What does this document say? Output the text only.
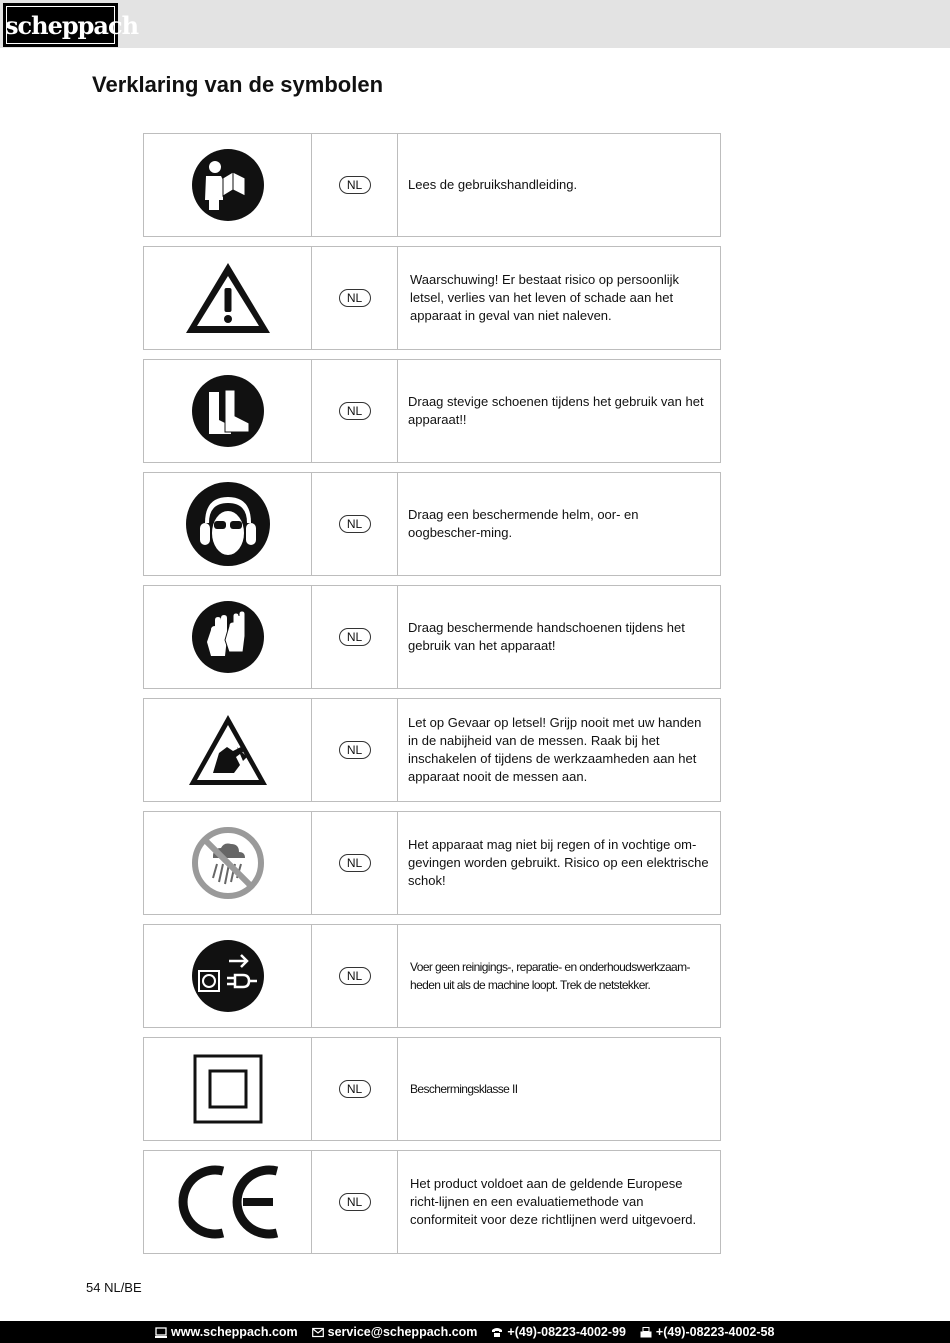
scheppach
Verklaring van de symbolen
NL	Lees de gebruikshandleiding.
NL
Waarschuwing! Er bestaat risico op persoonlijk letsel, verlies van het leven of schade aan het apparaat in geval van niet naleven.
NL
Draag stevige schoenen tijdens het gebruik van het apparaat!!
NL
Draag een beschermende helm, oor- en oogbescher-ming.
NL
Draag beschermende handschoenen tijdens het gebruik van het apparaat!
NL
Let op Gevaar op letsel! Grijp nooit met uw handen in de nabijheid van de messen. Raak bij het inschakelen of tijdens de werkzaamheden aan het apparaat nooit de messen aan.
NL
Het apparaat mag niet bij regen of in vochtige om-gevingen worden gebruikt. Risico op een elektrische schok!
NL
Voer geen reinigings-, reparatie- en onderhoudswerkzaam-heden uit als de machine loopt. Trek de netstekker.
NL	Beschermingsklasse II
NL
Het product voldoet aan de geldende Europese richt-lijnen en een evaluatiemethode van conformiteit voor deze richtlijnen werd uitgevoerd.
54 NL/BE
www.scheppach.com service@scheppach.com +(49)-08223-4002-99 +(49)-08223-4002-58
